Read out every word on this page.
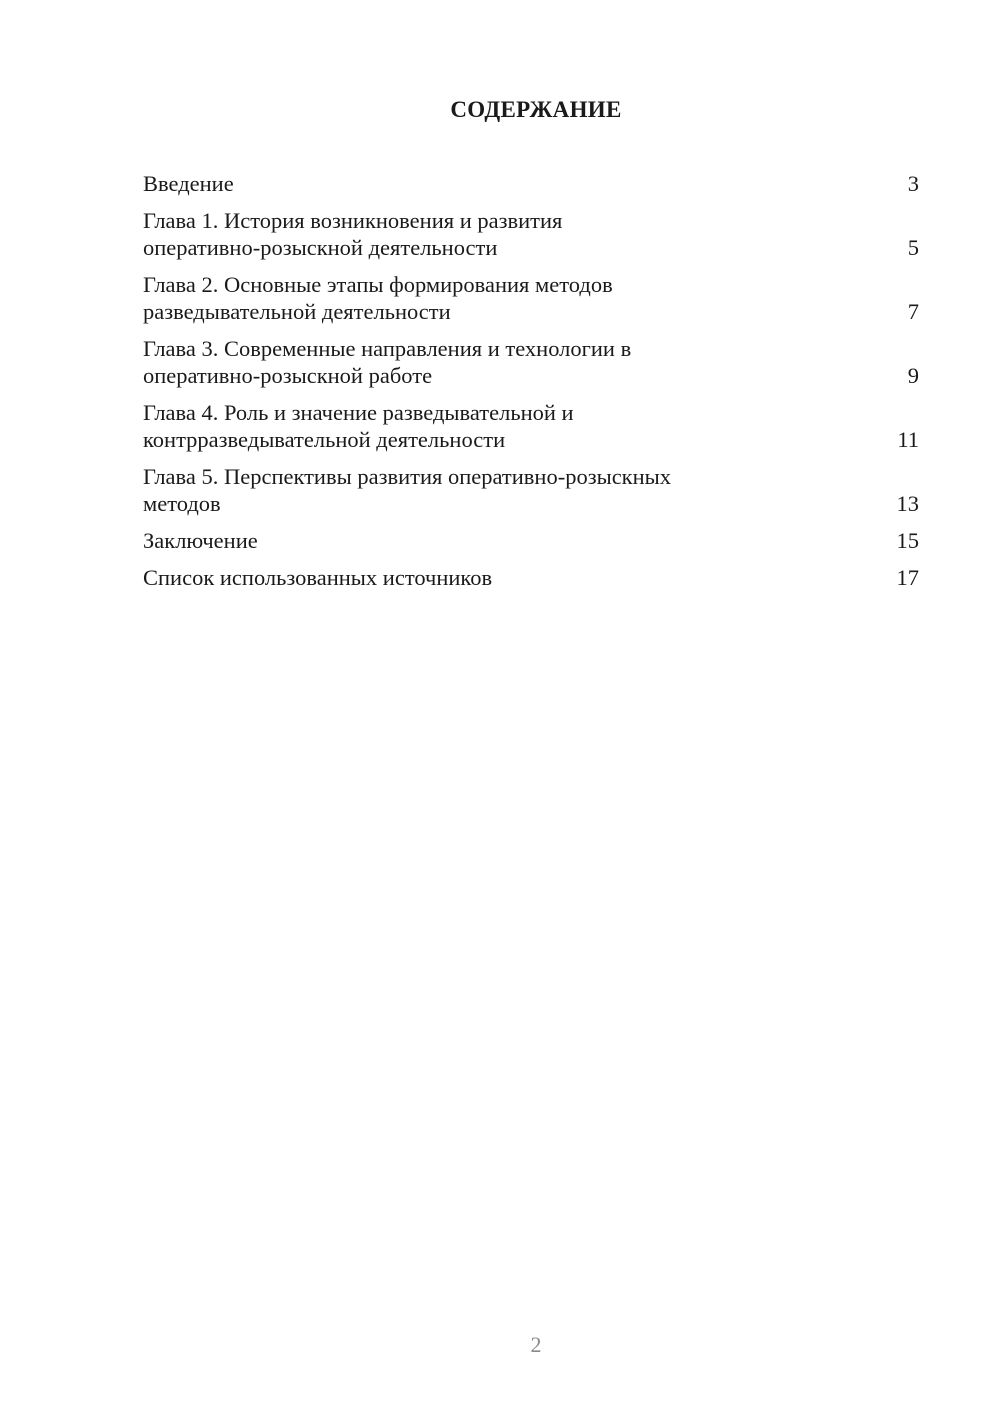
СОДЕРЖАНИЕ
Введение	3
Глава 1. История возникновения и развития
оперативно-розыскной деятельности	5
Глава 2. Основные этапы формирования методов
разведывательной деятельности	7
Глава 3. Современные направления и технологии в
оперативно-розыскной работе	9
Глава 4. Роль и значение разведывательной и
контрразведывательной деятельности	11
Глава 5. Перспективы развития оперативно-розыскных
методов	13
Заключение	15
Список использованных источников	17
2
